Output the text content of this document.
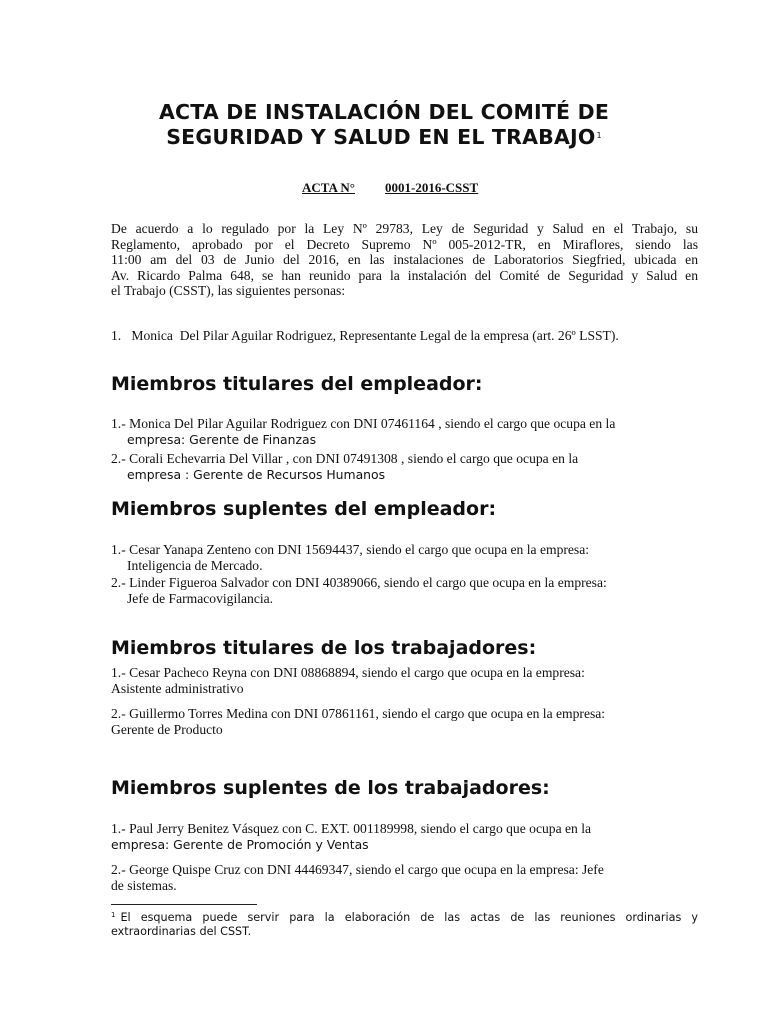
ACTA DE INSTALACIÓN DEL COMITÉ DE
SEGURIDAD Y SALUD EN EL TRABAJO$^1$
ACTA N° 0001-2016-CSST
De acuerdo a lo regulado por la Ley Nº 29783, Ley de Seguridad y Salud en el Trabajo, su
Reglamento, aprobado por el Decreto Supremo Nº 005-2012-TR, en Miraflores, siendo las
11:00 am del 03 de Junio del 2016, en las instalaciones de Laboratorios Siegfried, ubicada en
Av. Ricardo Palma 648, se han reunido para la instalación del Comité de Seguridad y Salud en
el Trabajo (CSST), las siguientes personas:
1.   Monica  Del Pilar Aguilar Rodriguez, Representante Legal de la empresa (art. 26º LSST).
Miembros titulares del empleador:
1.- Monica Del Pilar Aguilar Rodriguez con DNI 07461164 , siendo el cargo que ocupa en la
empresa: Gerente de Finanzas
2.- Corali Echevarria Del Villar , con DNI 07491308 , siendo el cargo que ocupa en la
empresa : Gerente de Recursos Humanos
Miembros suplentes del empleador:
1.- Cesar Yanapa Zenteno con DNI 15694437, siendo el cargo que ocupa en la empresa:
Inteligencia de Mercado.
2.- Linder Figueroa Salvador con DNI 40389066, siendo el cargo que ocupa en la empresa:
Jefe de Farmacovigilancia.
Miembros titulares de los trabajadores:
1.- Cesar Pacheco Reyna con DNI 08868894, siendo el cargo que ocupa en la empresa:
Asistente administrativo
2.- Guillermo Torres Medina con DNI 07861161, siendo el cargo que ocupa en la empresa:
Gerente de Producto
Miembros suplentes de los trabajadores:
1.- Paul Jerry Benitez Vásquez con C. EXT. 001189998, siendo el cargo que ocupa en la
empresa: Gerente de Promoción y Ventas
2.- George Quispe Cruz con DNI 44469347, siendo el cargo que ocupa en la empresa: Jefe
de sistemas.
$^1$ El esquema puede servir para la elaboración de las actas de las reuniones ordinarias y
extraordinarias del CSST.
